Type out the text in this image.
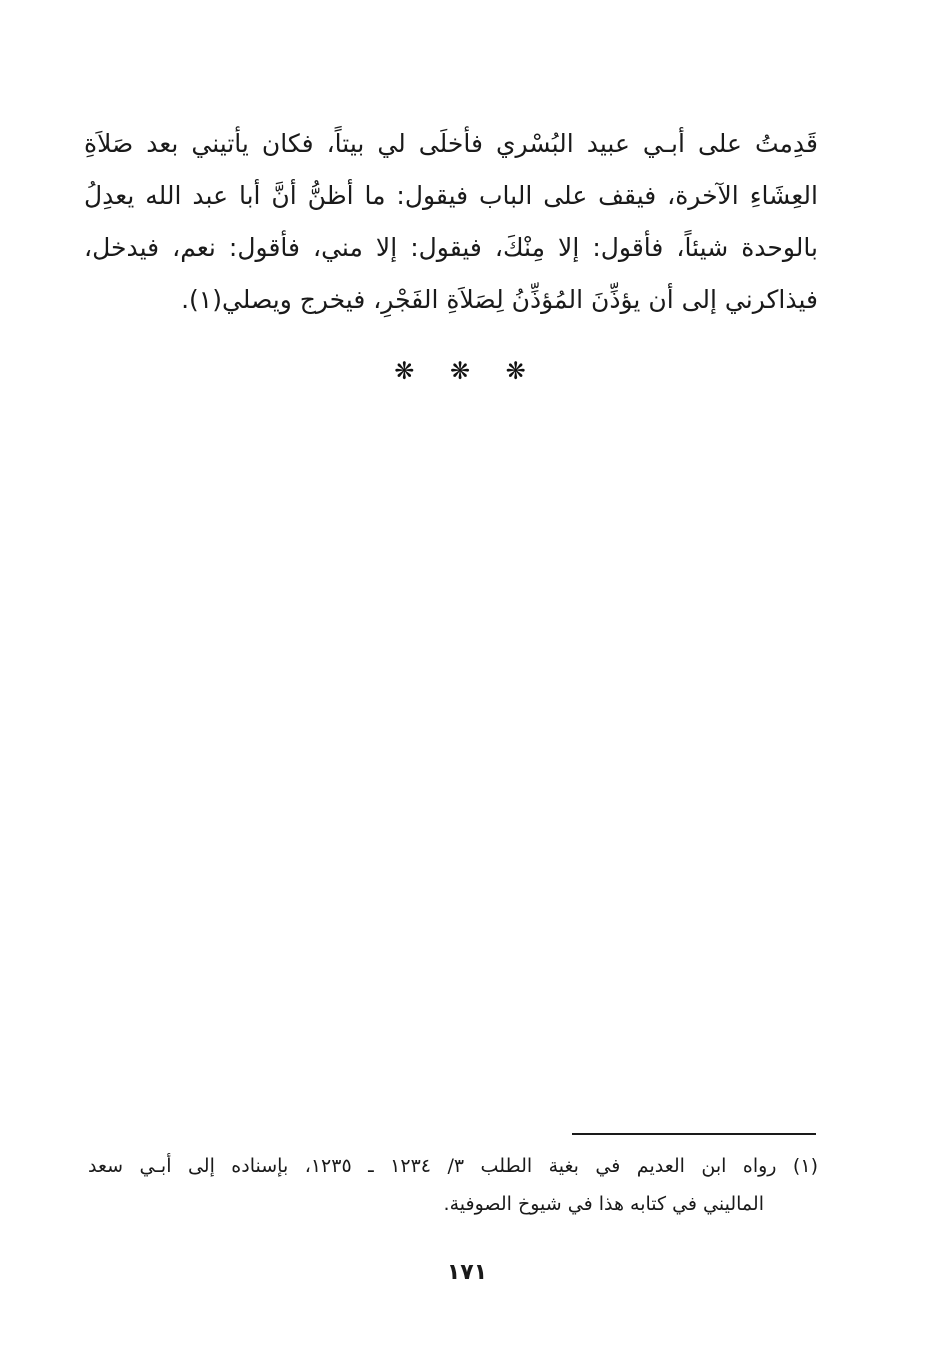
قَدِمتُ على أبـي عبيد البُسْري فأخلَى لي بيتاً، فكان يأتيني بعد صَلاَةِ
العِشَاءِ الآخرة، فيقف على الباب فيقول: ما أظنُّ أنَّ أبا عبد الله يعدِلُ
بالوحدة شيئاً، فأقول: إلا مِنْكَ، فيقول: إلا مني، فأقول: نعم، فيدخل،
فيذاكرني إلى أن يؤذِّنَ المُؤذِّنُ لِصَلاَةِ الفَجْرِ، فيخرج ويصلي(١).
❋ ❋ ❋
(١) رواه ابن العديم في بغية الطلب ٣/ ١٢٣٤ ـ ١٢٣٥، بإسناده إلى أبـي سعد
الماليني في كتابه هذا في شيوخ الصوفية.
١٧١
